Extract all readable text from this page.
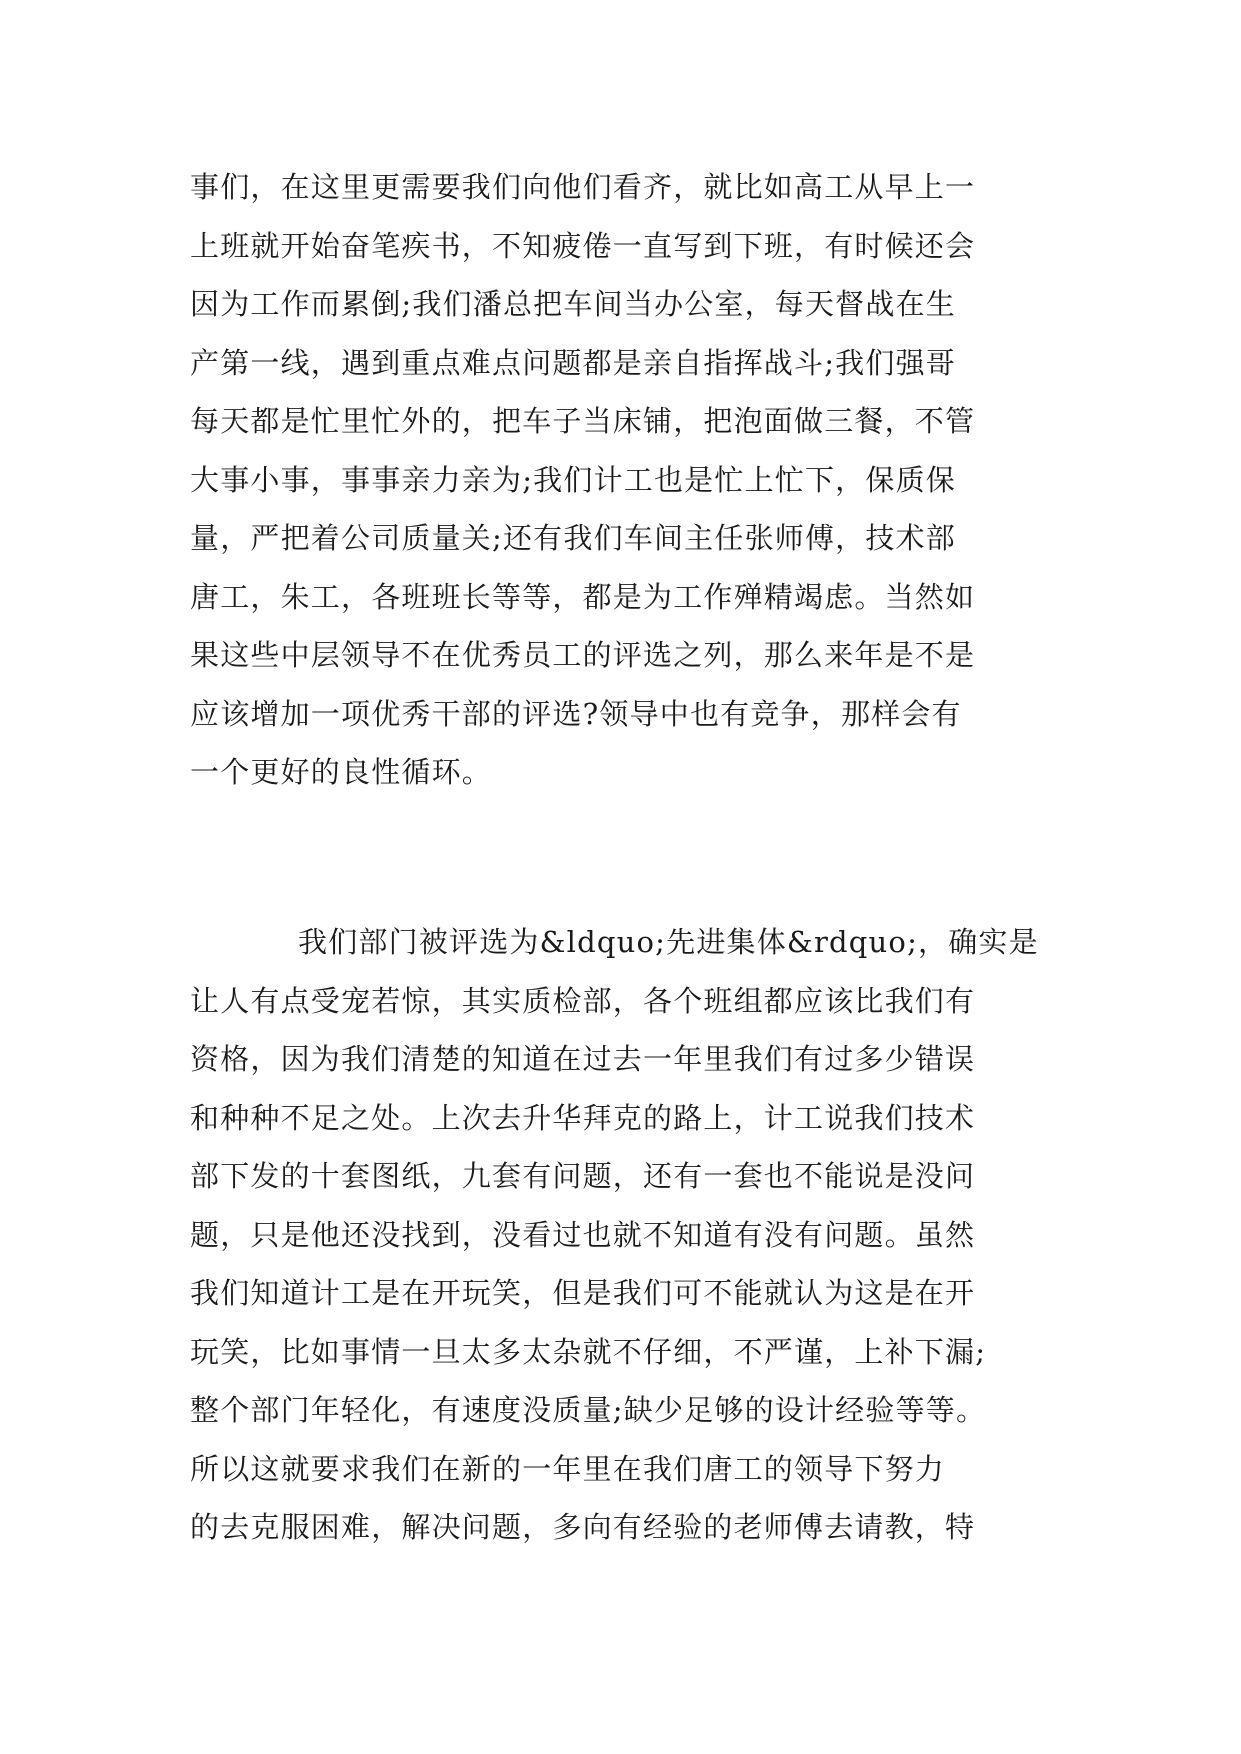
事们，在这里更需要我们向他们看齐，就比如高工从早上一
上班就开始奋笔疾书，不知疲倦一直写到下班，有时候还会
因为工作而累倒;我们潘总把车间当办公室，每天督战在生
产第一线，遇到重点难点问题都是亲自指挥战斗;我们强哥
每天都是忙里忙外的，把车子当床铺，把泡面做三餐，不管
大事小事，事事亲力亲为;我们计工也是忙上忙下，保质保
量，严把着公司质量关;还有我们车间主任张师傅，技术部
唐工，朱工，各班班长等等，都是为工作殚精竭虑。当然如
果这些中层领导不在优秀员工的评选之列，那么来年是不是
应该增加一项优秀干部的评选?领导中也有竞争，那样会有
一个更好的良性循环。
我们部门被评选为&ldquo;先进集体&rdquo;，确实是
让人有点受宠若惊，其实质检部，各个班组都应该比我们有
资格，因为我们清楚的知道在过去一年里我们有过多少错误
和种种不足之处。上次去升华拜克的路上，计工说我们技术
部下发的十套图纸，九套有问题，还有一套也不能说是没问
题，只是他还没找到，没看过也就不知道有没有问题。虽然
我们知道计工是在开玩笑，但是我们可不能就认为这是在开
玩笑，比如事情一旦太多太杂就不仔细，不严谨，上补下漏;
整个部门年轻化，有速度没质量;缺少足够的设计经验等等。
所以这就要求我们在新的一年里在我们唐工的领导下努力
的去克服困难，解决问题，多向有经验的老师傅去请教，特
